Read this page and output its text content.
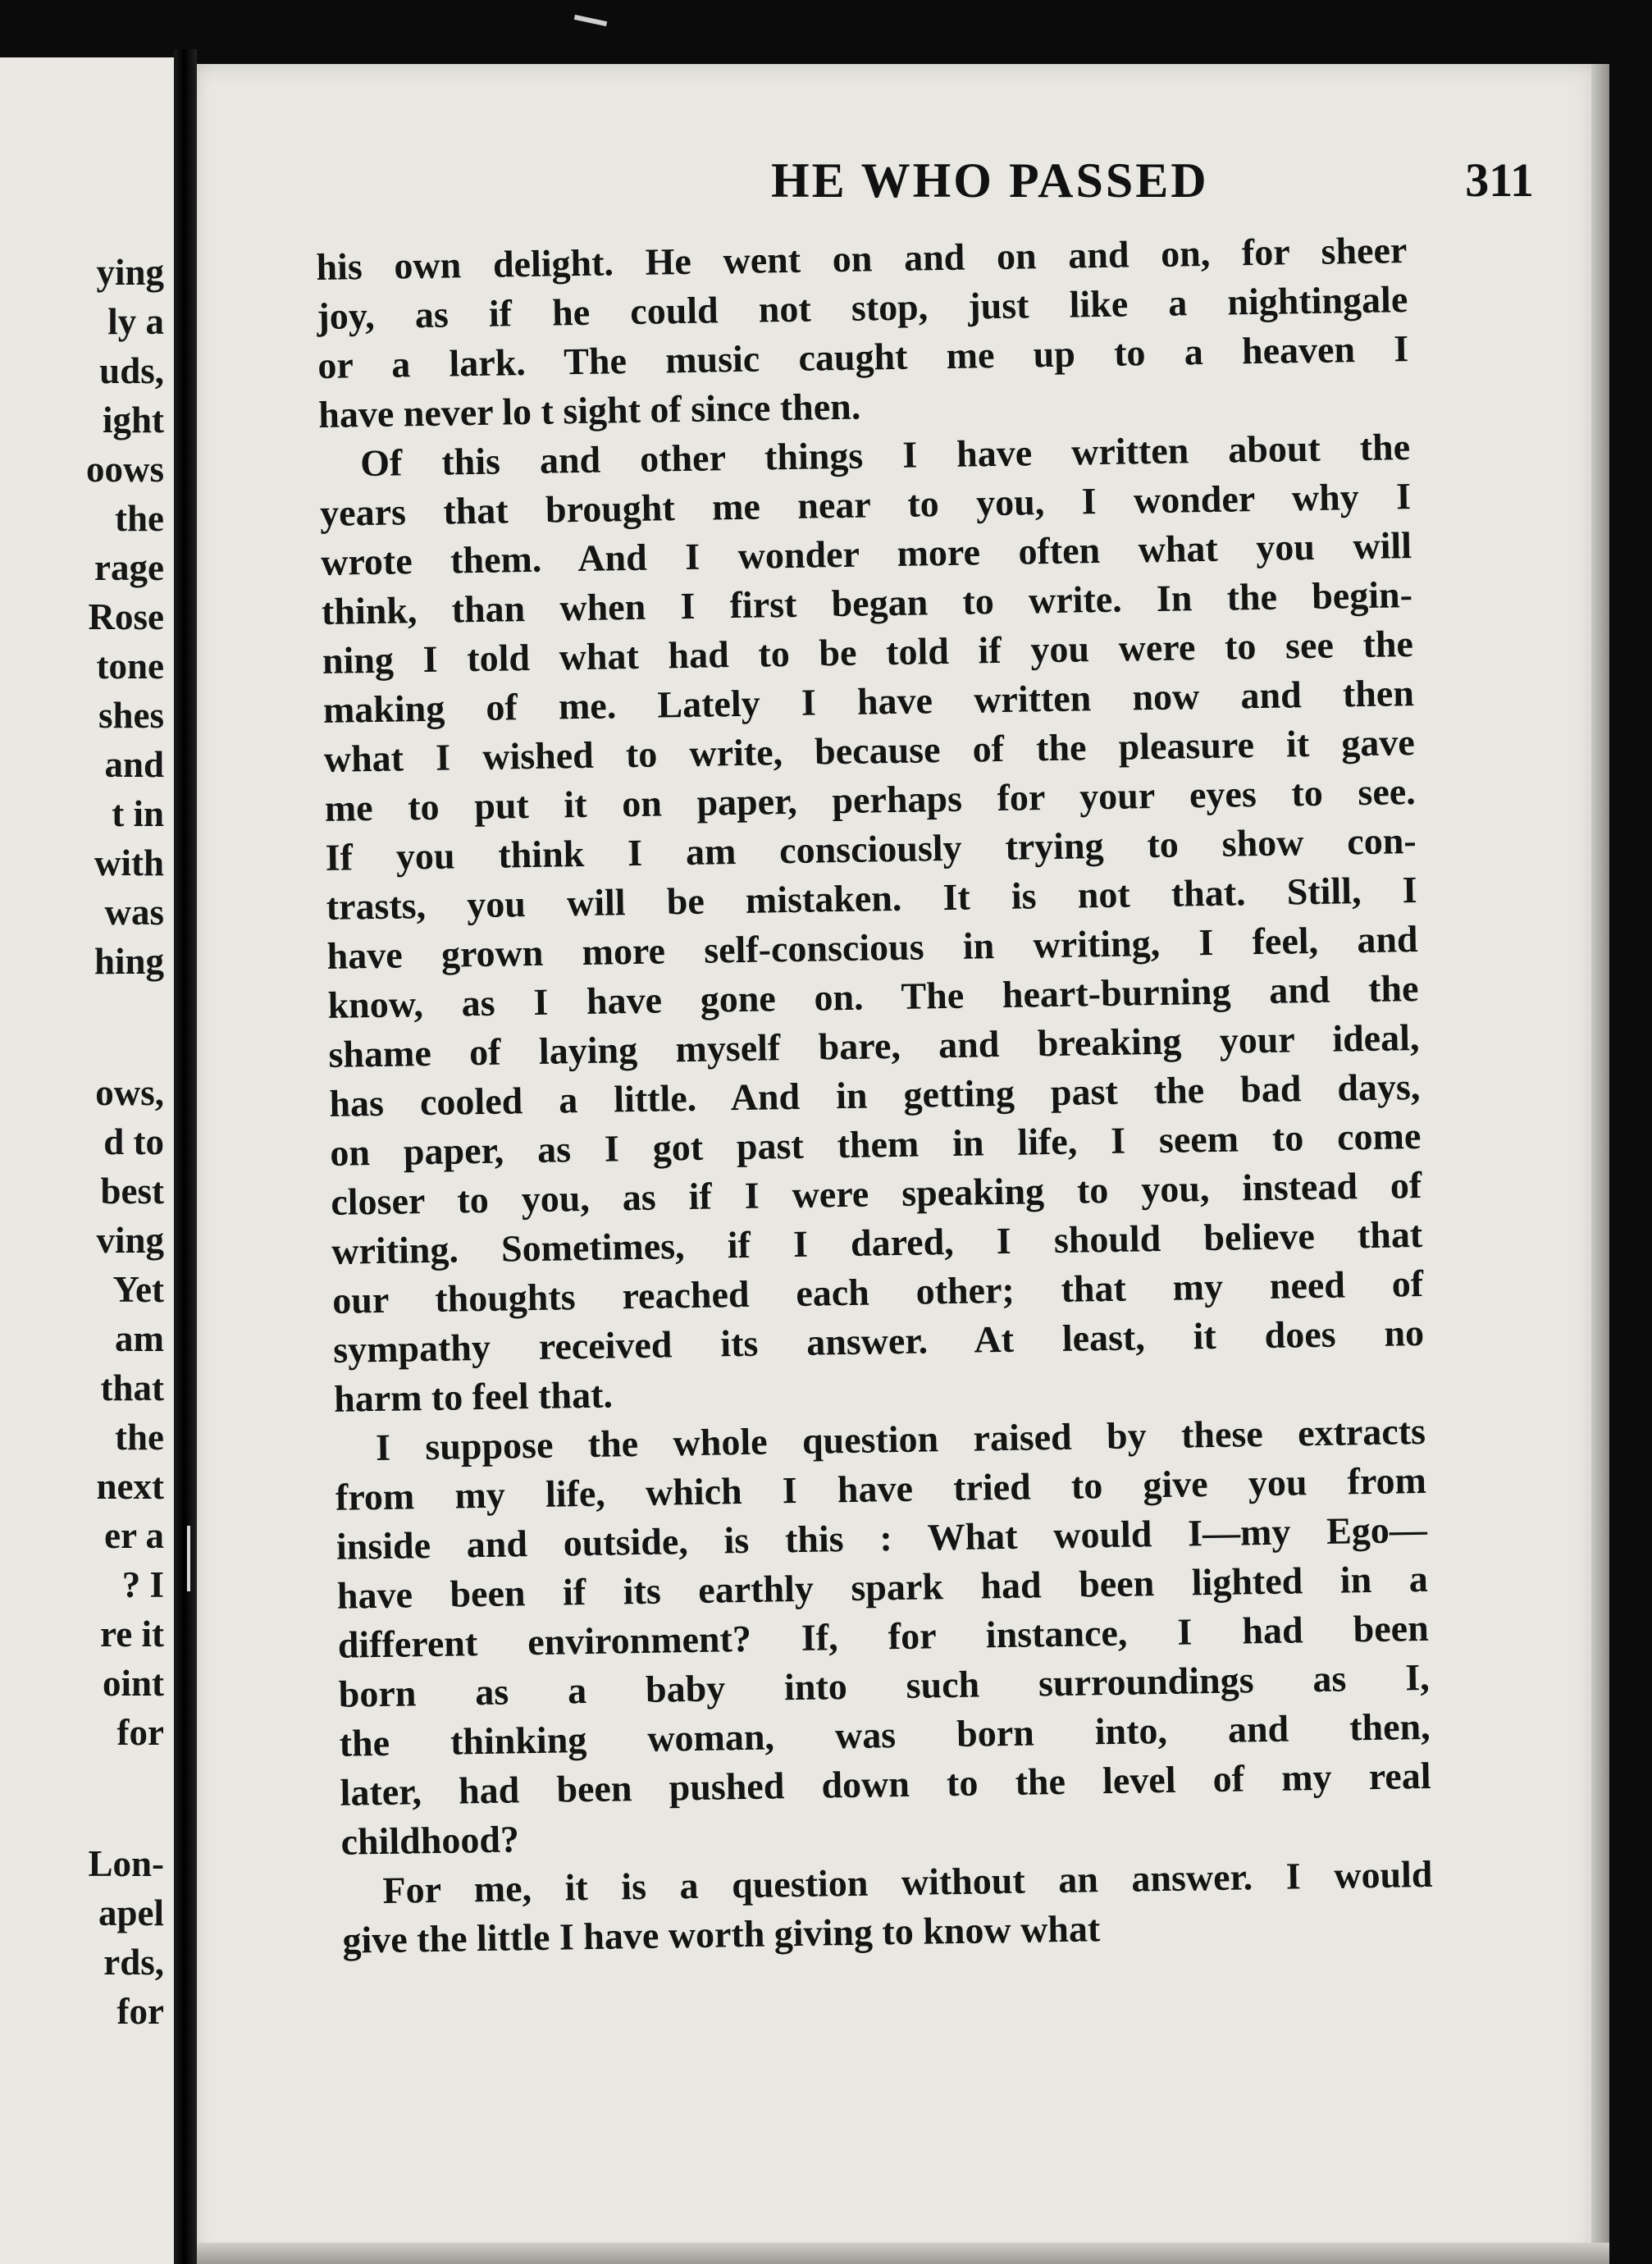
ying
ly a
uds,
ight
oows
the
rage
Rose
tone
shes
and
t in
with
was
hing
ows,
d to
best
ving
Yet
am
that
the
next
er a
? I
re it
oint
for
Lon-
apel
rds,
for
HE WHO PASSED	311
his own delight. He went on and on and on, for sheer
joy, as if he could not stop, just like a nightingale
or a lark. The music caught me up to a heaven I
have never lo t sight of since then.
Of this and other things I have written about the
years that brought me near to you, I wonder why I
wrote them. And I wonder more often what you will
think, than when I first began to write. In the begin-
ning I told what had to be told if you were to see the
making of me. Lately I have written now and then
what I wished to write, because of the pleasure it gave
me to put it on paper, perhaps for your eyes to see.
If you think I am consciously trying to show con-
trasts, you will be mistaken. It is not that. Still, I
have grown more self-conscious in writing, I feel, and
know, as I have gone on. The heart-burning and the
shame of laying myself bare, and breaking your ideal,
has cooled a little. And in getting past the bad days,
on paper, as I got past them in life, I seem to come
closer to you, as if I were speaking to you, instead of
writing. Sometimes, if I dared, I should believe that
our thoughts reached each other; that my need of
sympathy received its answer. At least, it does no
harm to feel that.
I suppose the whole question raised by these extracts
from my life, which I have tried to give you from
inside and outside, is this : What would I—my Ego—
have been if its earthly spark had been lighted in a
different environment? If, for instance, I had been
born as a baby into such surroundings as I,
the thinking woman, was born into, and then,
later, had been pushed down to the level of my real
childhood?
For me, it is a question without an answer. I would
give the little I have worth giving to know what
